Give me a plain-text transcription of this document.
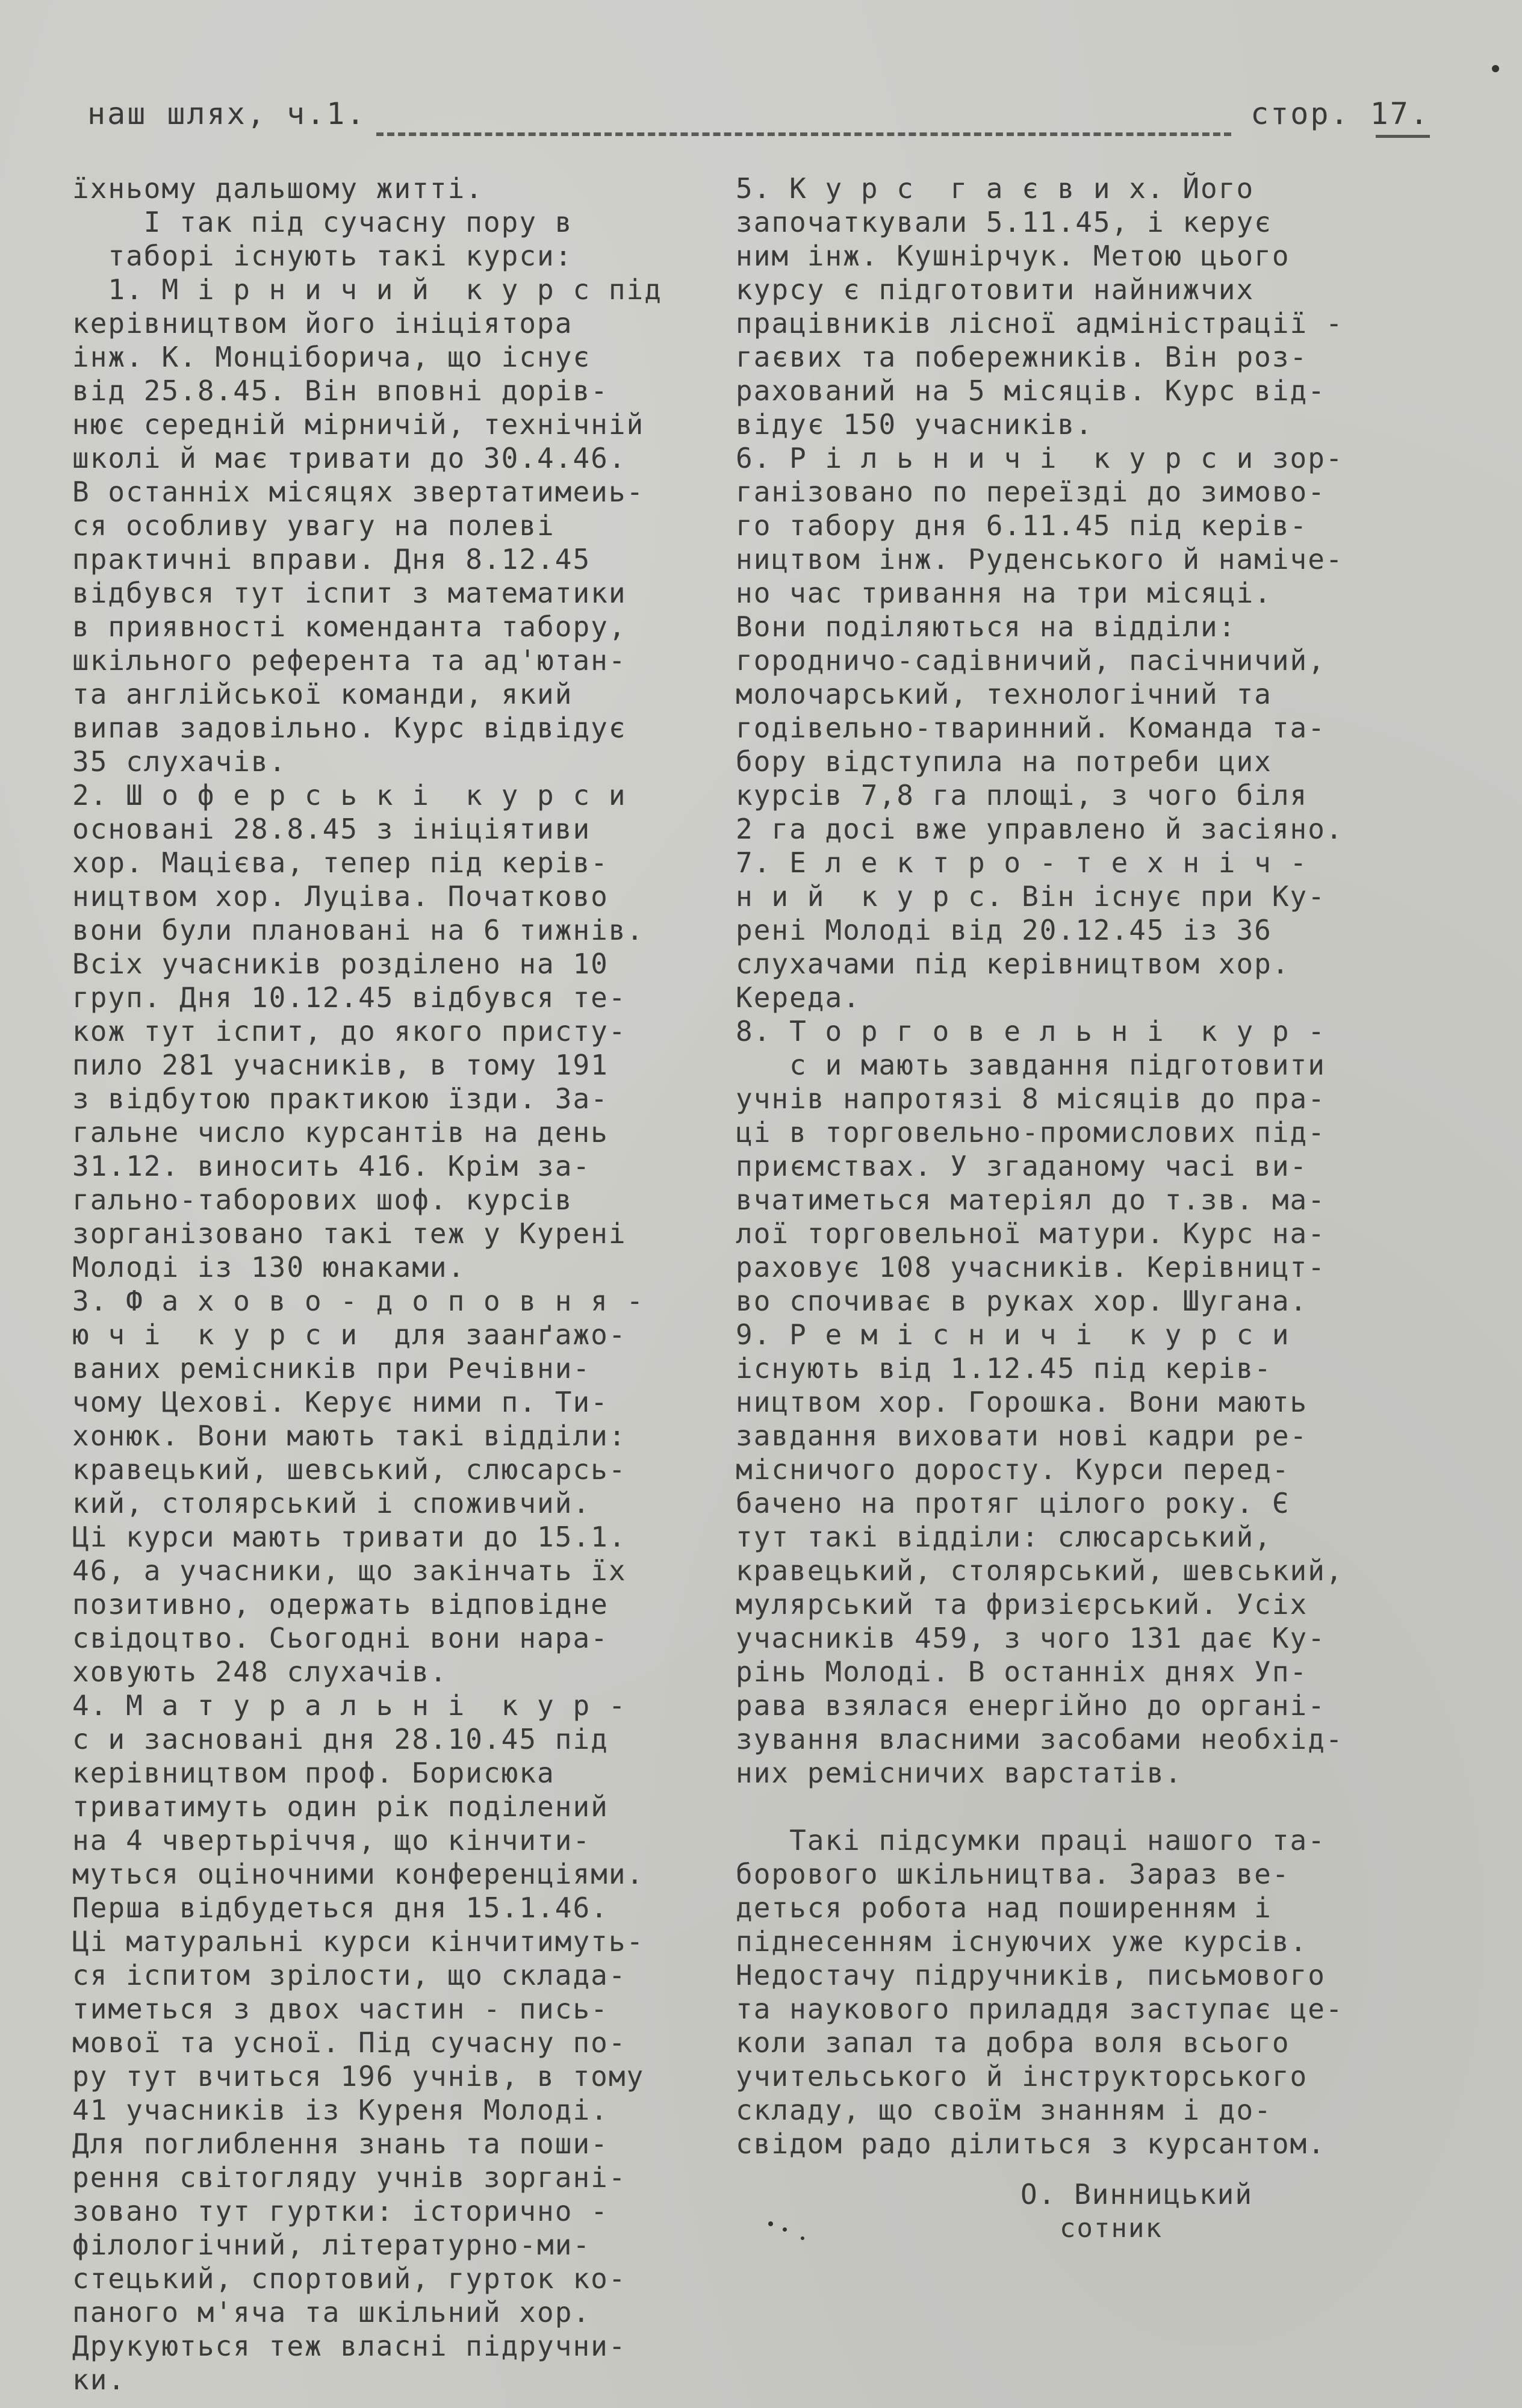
наш шлях, ч.1.	стор. 17.
їхньому дальшому житті.
І так під сучасну пору в
таборі існують такі курси:
1. М і р н и ч и й  к у р с під
керівництвом його ініціятора
інж. К. Монціборича, що існує
від 25.8.45. Він вповні дорів-
нює середній мірничій, технічній
школі й має тривати до 30.4.46.
В останніх місяцях звертатимеиь-
ся особливу увагу на полеві
практичні вправи. Дня 8.12.45
відбувся тут іспит з математики
в приявності коменданта табору,
шкільного референта та ад'ютан-
та англійської команди, який
випав задовільно. Курс відвідує
35 слухачів.
2. Ш о ф е р с ь к і  к у р с и
основані 28.8.45 з ініціятиви
хор. Мацієва, тепер під керів-
ництвом хор. Луціва. Початково
вони були плановані на 6 тижнів.
Всіх учасників розділено на 10
груп. Дня 10.12.45 відбувся те-
кож тут іспит, до якого присту-
пило 281 учасників, в тому 191
з відбутою практикою їзди. За-
гальне число курсантів на день
31.12. виносить 416. Крім за-
гально-таборових шоф. курсів
зорганізовано такі теж у Курені
Молоді із 130 юнаками.
3. Ф а х о в о - д о п о в н я -
ю ч і  к у р с и  для заанґажо-
ваних ремісників при Речівни-
чому Цехові. Керує ними п. Ти-
хонюк. Вони мають такі відділи:
кравецький, шевський, слюсарсь-
кий, столярський і споживчий.
Ці курси мають тривати до 15.1.
46, а учасники, що закінчать їх
позитивно, одержать відповідне
свідоцтво. Сьогодні вони нара-
ховують 248 слухачів.
4. М а т у р а л ь н і  к у р -
с и засновані дня 28.10.45 під
керівництвом проф. Борисюка
триватимуть один рік поділений
на 4 чвертьріччя, що кінчити-
муться оціночними конференціями.
Перша відбудеться дня 15.1.46.
Ці матуральні курси кінчитимуть-
ся іспитом зрілости, що склада-
тиметься з двох частин - пись-
мової та усної. Під сучасну по-
ру тут вчиться 196 учнів, в тому
41 учасників із Куреня Молоді.
Для поглиблення знань та поши-
рення світогляду учнів зоргані-
зовано тут гуртки: історично -
філологічний, літературно-ми-
стецький, спортовий, гурток ко-
паного м'яча та шкільний хор.
Друкуються теж власні підручни-
ки.
5. К у р с  г а є в и х. Його
започаткували 5.11.45, і керує
ним інж. Кушнірчук. Метою цього
курсу є підготовити найнижчих
працівників лісної адміністрації -
гаєвих та побережників. Він роз-
рахований на 5 місяців. Курс від-
відує 150 учасників.
6. Р і л ь н и ч і  к у р с и зор-
ганізовано по переїзді до зимово-
го табору дня 6.11.45 під керів-
ництвом інж. Руденського й наміче-
но час тривання на три місяці.
Вони поділяються на відділи:
городничо-садівничий, пасічничий,
молочарський, технологічний та
годівельно-тваринний. Команда та-
бору відступила на потреби цих
курсів 7,8 га площі, з чого біля
2 га досі вже управлено й засіяно.
7. Е л е к т р о - т е х н і ч -
н и й  к у р с. Він існує при Ку-
рені Молоді від 20.12.45 із 36
слухачами під керівництвом хор.
Кереда.
8. Т о р г о в е л ь н і  к у р -
с и мають завдання підготовити
учнів напротязі 8 місяців до пра-
ці в торговельно-промислових під-
приємствах. У згаданому часі ви-
вчатиметься матеріял до т.зв. ма-
лої торговельної матури. Курс на-
раховує 108 учасників. Керівницт-
во спочиває в руках хор. Шугана.
9. Р е м і с н и ч і  к у р с и
існують від 1.12.45 під керів-
ництвом хор. Горошка. Вони мають
завдання виховати нові кадри ре-
місничого доросту. Курси перед-
бачено на протяг цілого року. Є
тут такі відділи: слюсарський,
кравецький, столярський, шевський,
мулярський та фризієрський. Усіх
учасників 459, з чого 131 дає Ку-
рінь Молоді. В останніх днях Уп-
рава взялася енергійно до органі-
зування власними засобами необхід-
них ремісничих варстатів.
Такі підсумки праці нашого та-
борового шкільництва. Зараз ве-
деться робота над поширенням і
піднесенням існуючих уже курсів.
Недостачу підручників, письмового
та наукового приладдя заступає це-
коли запал та добра воля всього
учительського й інструкторського
складу, що своїм знанням і до-
свідом радо ділиться з курсантом.
О. Винницький
сотник
